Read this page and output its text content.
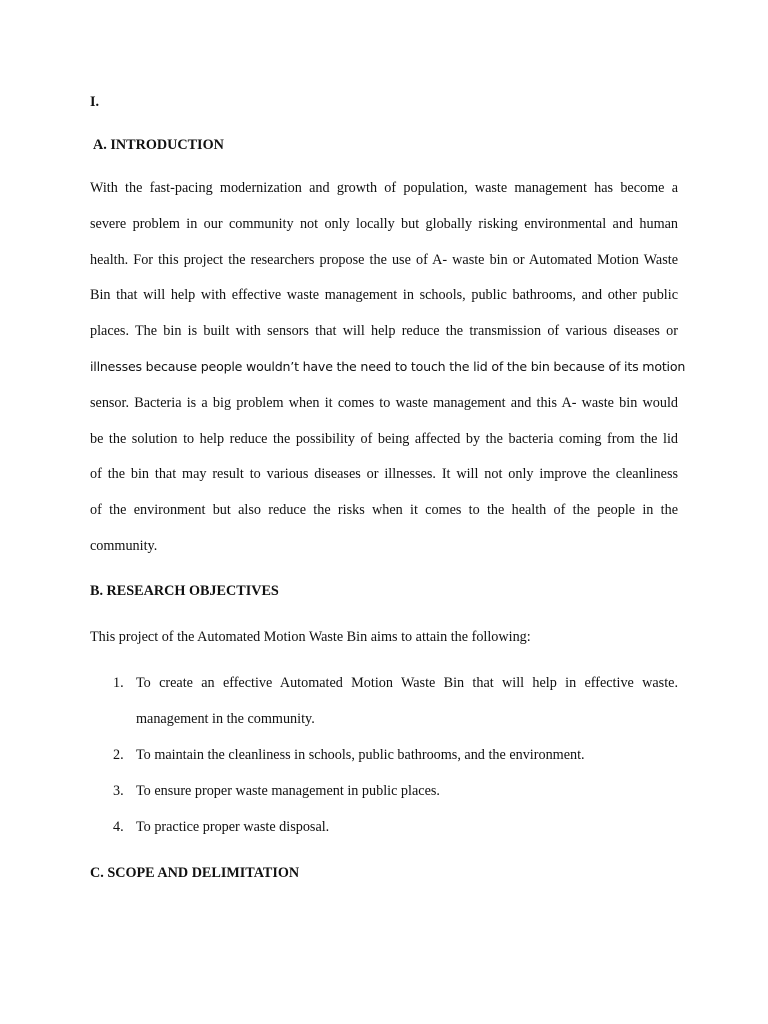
I.
A. INTRODUCTION
With the fast-pacing modernization and growth of population, waste management has become a
severe problem in our community not only locally but globally risking environmental and human
health. For this project the researchers propose the use of A- waste bin or Automated Motion Waste
Bin that will help with effective waste management in schools, public bathrooms, and other public
places. The bin is built with sensors that will help reduce the transmission of various diseases or
illnesses because people wouldn’t have the need to touch the lid of the bin because of its motion
sensor. Bacteria is a big problem when it comes to waste management and this A- waste bin would
be the solution to help reduce the possibility of being affected by the bacteria coming from the lid
of the bin that may result to various diseases or illnesses. It will not only improve the cleanliness
of the environment but also reduce the risks when it comes to the health of the people in the
community.
B. RESEARCH OBJECTIVES
This project of the Automated Motion Waste Bin aims to attain the following:
1. To create an effective Automated Motion Waste Bin that will help in effective waste.
management in the community.
2. To maintain the cleanliness in schools, public bathrooms, and the environment.
3. To ensure proper waste management in public places.
4. To practice proper waste disposal.
C. SCOPE AND DELIMITATION
